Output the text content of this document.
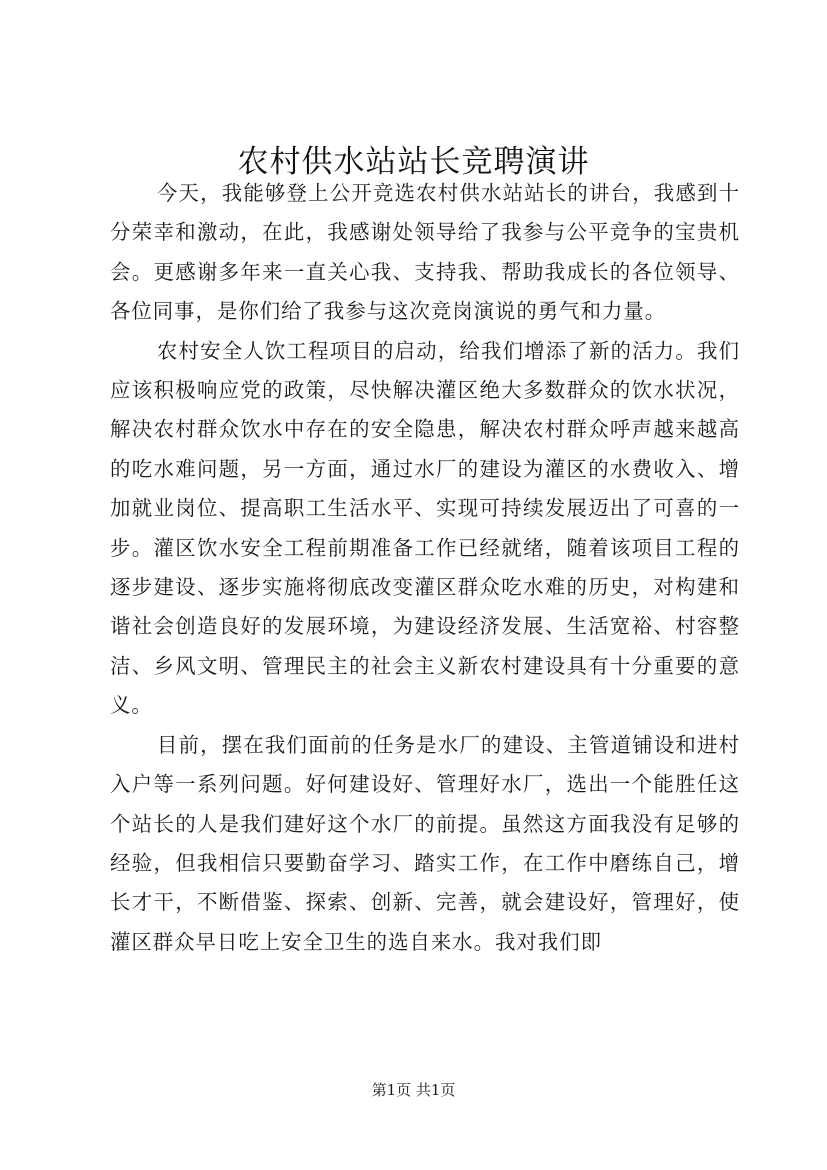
农村供水站站长竞聘演讲

今天，我能够登上公开竞选农村供水站站长的讲台，我感到十分荣幸和激动，在此，我感谢处领导给了我参与公平竞争的宝贵机会。更感谢多年来一直关心我、支持我、帮助我成长的各位领导、各位同事，是你们给了我参与这次竞岗演说的勇气和力量。

农村安全人饮工程项目的启动，给我们增添了新的活力。我们应该积极响应党的政策，尽快解决灌区绝大多数群众的饮水状况，解决农村群众饮水中存在的安全隐患，解决农村群众呼声越来越高的吃水难问题，另一方面，通过水厂的建设为灌区的水费收入、增加就业岗位、提高职工生活水平、实现可持续发展迈出了可喜的一步。灌区饮水安全工程前期准备工作已经就绪，随着该项目工程的逐步建设、逐步实施将彻底改变灌区群众吃水难的历史，对构建和谐社会创造良好的发展环境，为建设经济发展、生活宽裕、村容整洁、乡风文明、管理民主的社会主义新农村建设具有十分重要的意义。

目前，摆在我们面前的任务是水厂的建设、主管道铺设和进村入户等一系列问题。好何建设好、管理好水厂，选出一个能胜任这个站长的人是我们建好这个水厂的前提。虽然这方面我没有足够的经验，但我相信只要勤奋学习、踏实工作，在工作中磨练自己，增长才干，不断借鉴、探索、创新、完善，就会建设好，管理好，使灌区群众早日吃上安全卫生的选自来水。我对我们即

第1页 共1页
